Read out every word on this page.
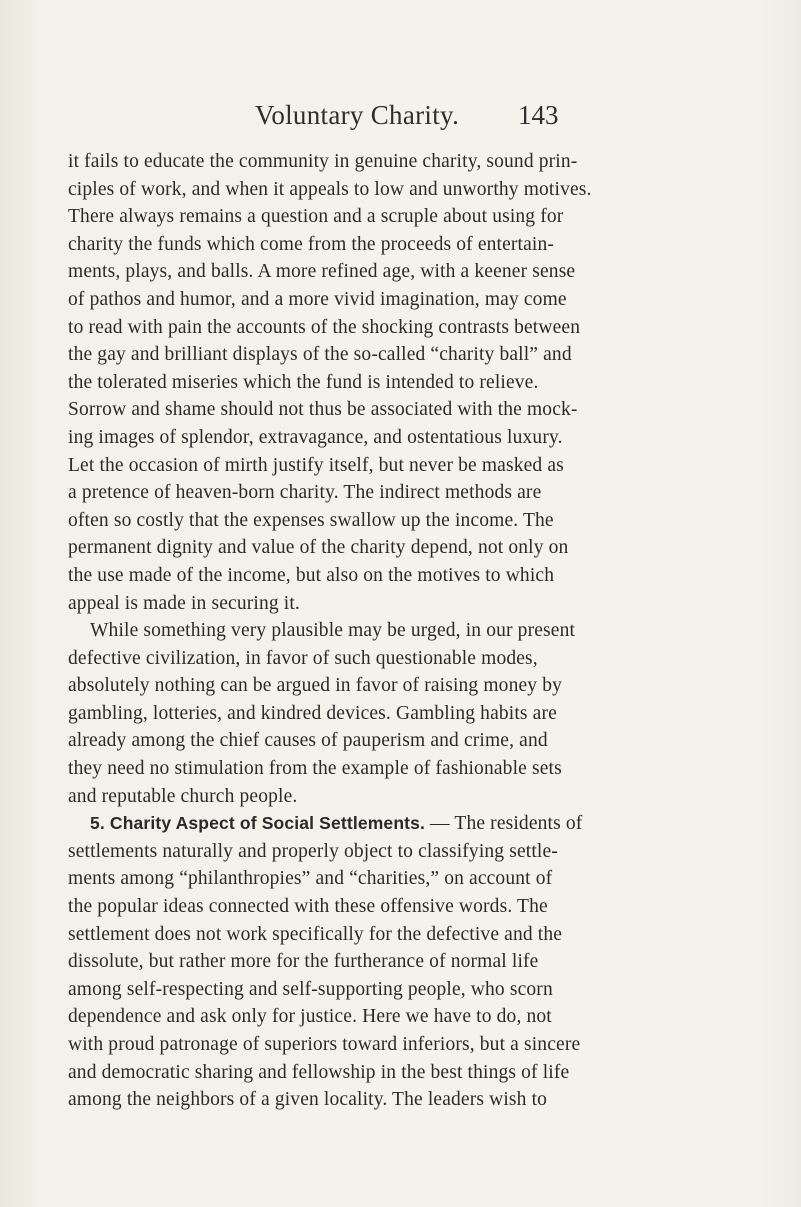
Voluntary Charity. 143
it fails to educate the community in genuine charity, sound prin-
ciples of work, and when it appeals to low and unworthy motives.
There always remains a question and a scruple about using for
charity the funds which come from the proceeds of entertain-
ments, plays, and balls. A more refined age, with a keener sense
of pathos and humor, and a more vivid imagination, may come
to read with pain the accounts of the shocking contrasts between
the gay and brilliant displays of the so-called “charity ball” and
the tolerated miseries which the fund is intended to relieve.
Sorrow and shame should not thus be associated with the mock-
ing images of splendor, extravagance, and ostentatious luxury.
Let the occasion of mirth justify itself, but never be masked as
a pretence of heaven-born charity. The indirect methods are
often so costly that the expenses swallow up the income. The
permanent dignity and value of the charity depend, not only on
the use made of the income, but also on the motives to which
appeal is made in securing it.
While something very plausible may be urged, in our present
defective civilization, in favor of such questionable modes,
absolutely nothing can be argued in favor of raising money by
gambling, lotteries, and kindred devices. Gambling habits are
already among the chief causes of pauperism and crime, and
they need no stimulation from the example of fashionable sets
and reputable church people.
5. Charity Aspect of Social Settlements. — The residents of
settlements naturally and properly object to classifying settle-
ments among “philanthropies” and “charities,” on account of
the popular ideas connected with these offensive words. The
settlement does not work specifically for the defective and the
dissolute, but rather more for the furtherance of normal life
among self-respecting and self-supporting people, who scorn
dependence and ask only for justice. Here we have to do, not
with proud patronage of superiors toward inferiors, but a sincere
and democratic sharing and fellowship in the best things of life
among the neighbors of a given locality. The leaders wish to
